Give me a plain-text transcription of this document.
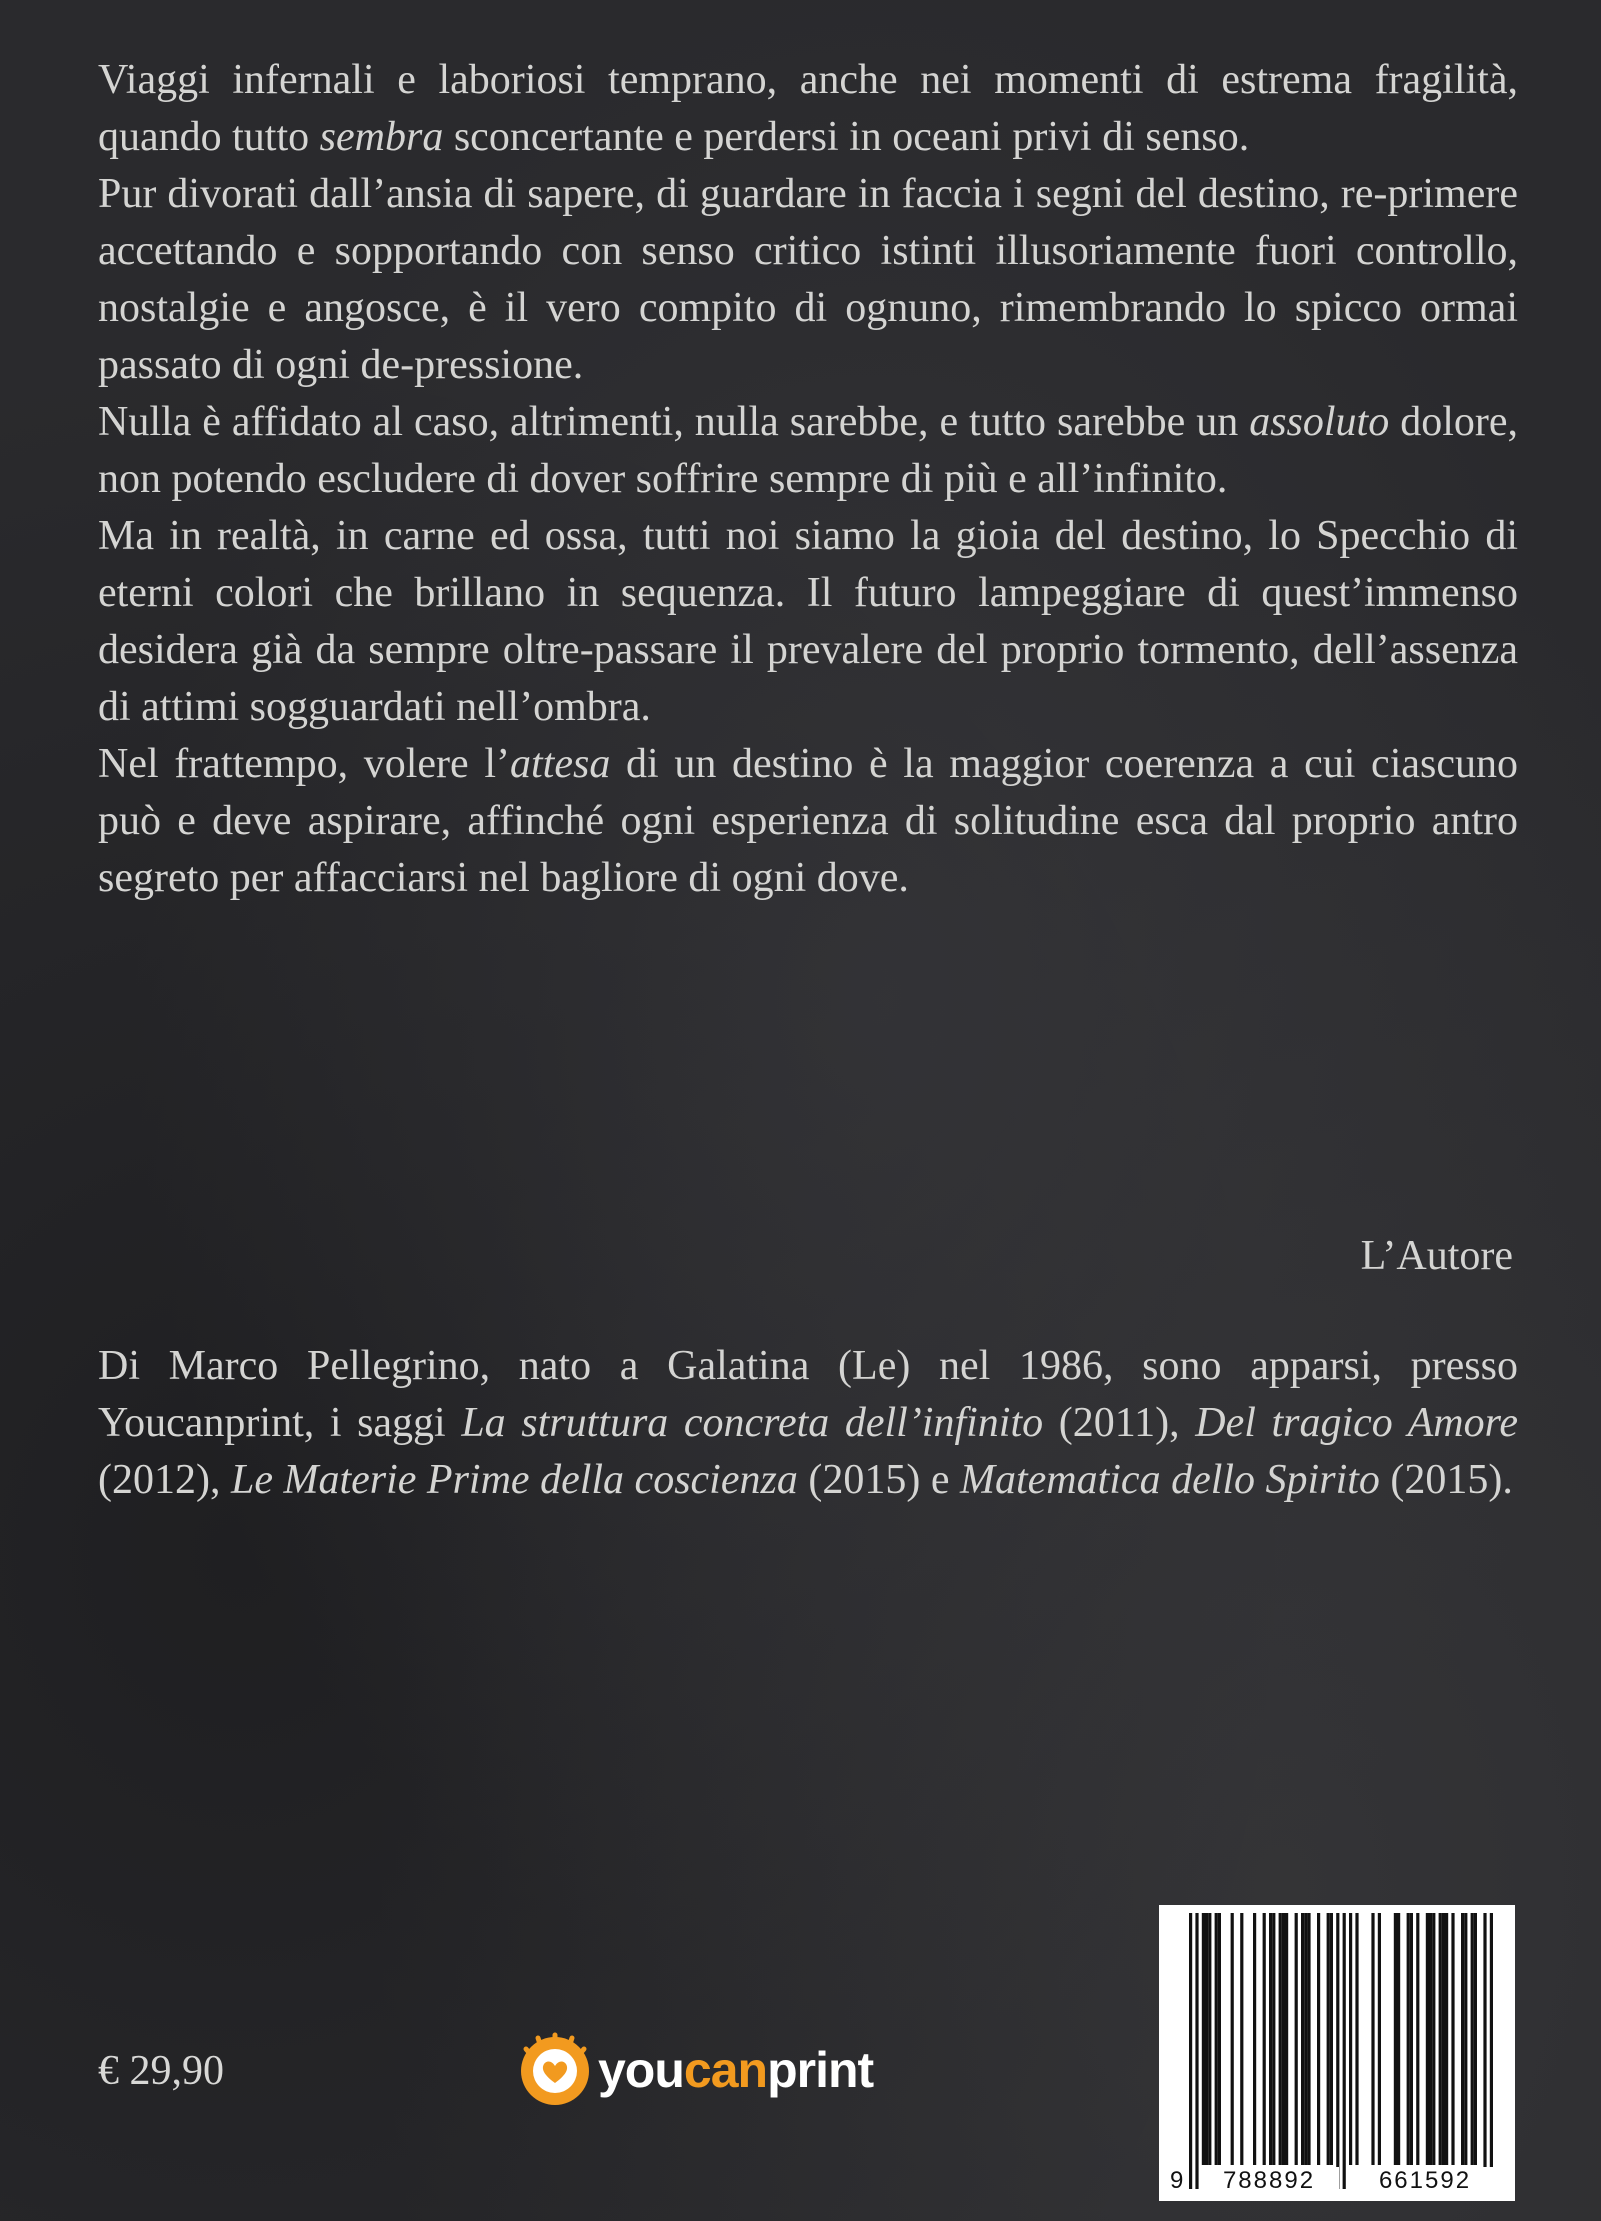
Viaggi infernali e laboriosi temprano, anche nei momenti di estrema fragilità, quando tutto sembra sconcertante e perdersi in oceani privi di senso.

Pur divorati dall’ansia di sapere, di guardare in faccia i segni del destino, re-primere accettando e sopportando con senso critico istinti illusoriamente fuori controllo, nostalgie e angosce, è il vero compito di ognuno, rimembrando lo spicco ormai passato di ogni de-pressione.

Nulla è affidato al caso, altrimenti, nulla sarebbe, e tutto sarebbe un assoluto dolore, non potendo escludere di dover soffrire sempre di più e all’infinito.

Ma in realtà, in carne ed ossa, tutti noi siamo la gioia del destino, lo Specchio di eterni colori che brillano in sequenza. Il futuro lampeggiare di quest’immenso desidera già da sempre oltre-passare il prevalere del proprio tormento, dell’assenza di attimi sogguardati nell’ombra.

Nel frattempo, volere l’attesa di un destino è la maggior coerenza a cui ciascuno può e deve aspirare, affinché ogni esperienza di solitudine esca dal proprio antro segreto per affacciarsi nel bagliore di ogni dove.

L’Autore

Di Marco Pellegrino, nato a Galatina (Le) nel 1986, sono apparsi, presso Youcanprint, i saggi La struttura concreta dell’infinito (2011), Del tragico Amore (2012), Le Materie Prime della coscienza (2015) e Matematica dello Spirito (2015).

€ 29,90	youcanprint
9	788892	661592
